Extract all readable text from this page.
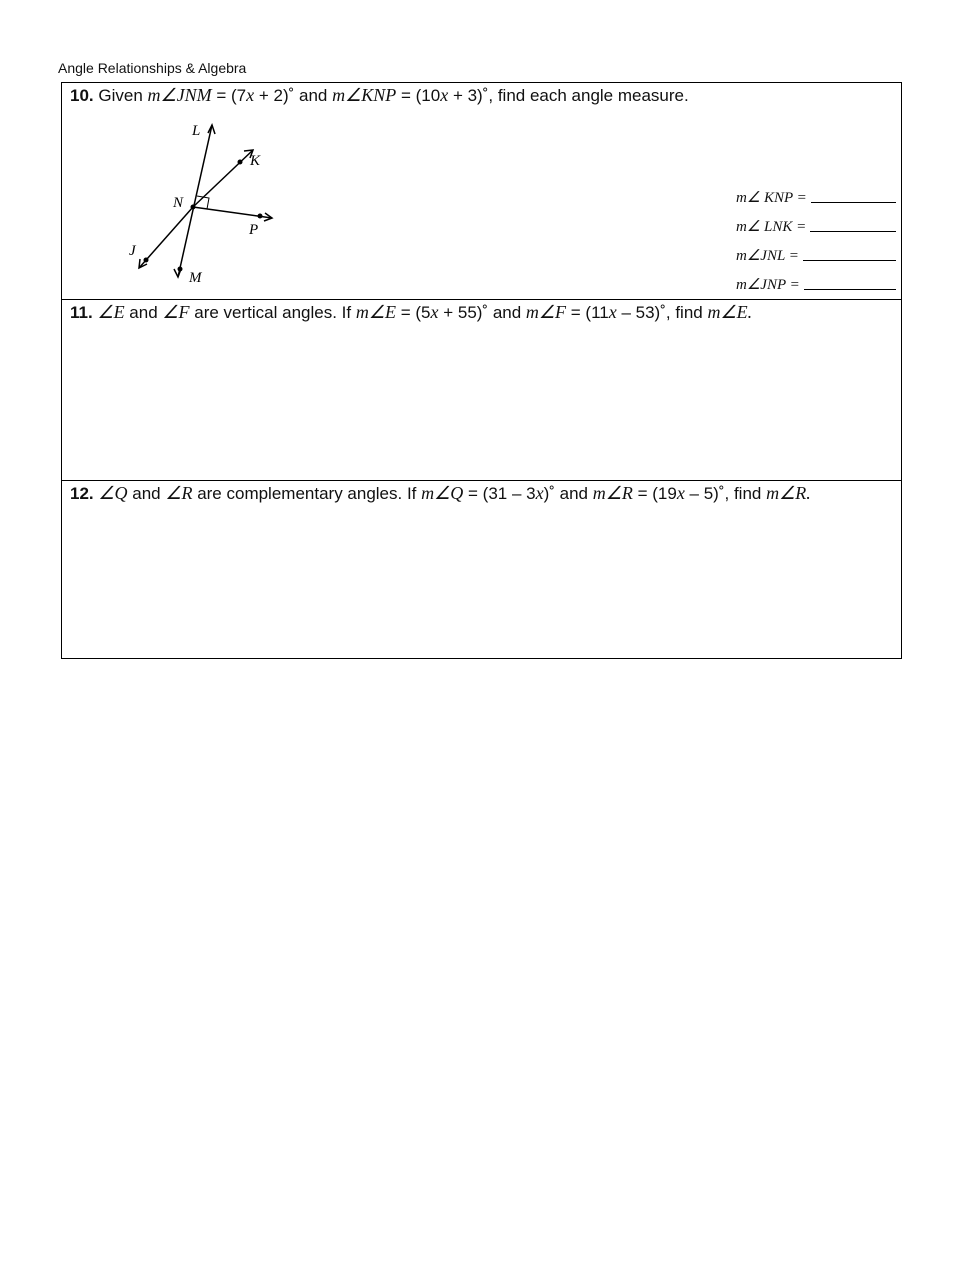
Angle Relationships & Algebra
10. Given m∠JNM = (7x + 2)˚ and m∠KNP = (10x + 3)˚, find each angle measure.
L
K
N
P
J
M
m∠ KNP =
m∠ LNK =
m∠JNL =
m∠JNP =
11. ∠E and ∠F are vertical angles. If m∠E = (5x + 55)˚ and m∠F = (11x – 53)˚, find m∠E.
12. ∠Q and ∠R are complementary angles. If m∠Q = (31 – 3x)˚ and m∠R = (19x – 5)˚, find m∠R.
